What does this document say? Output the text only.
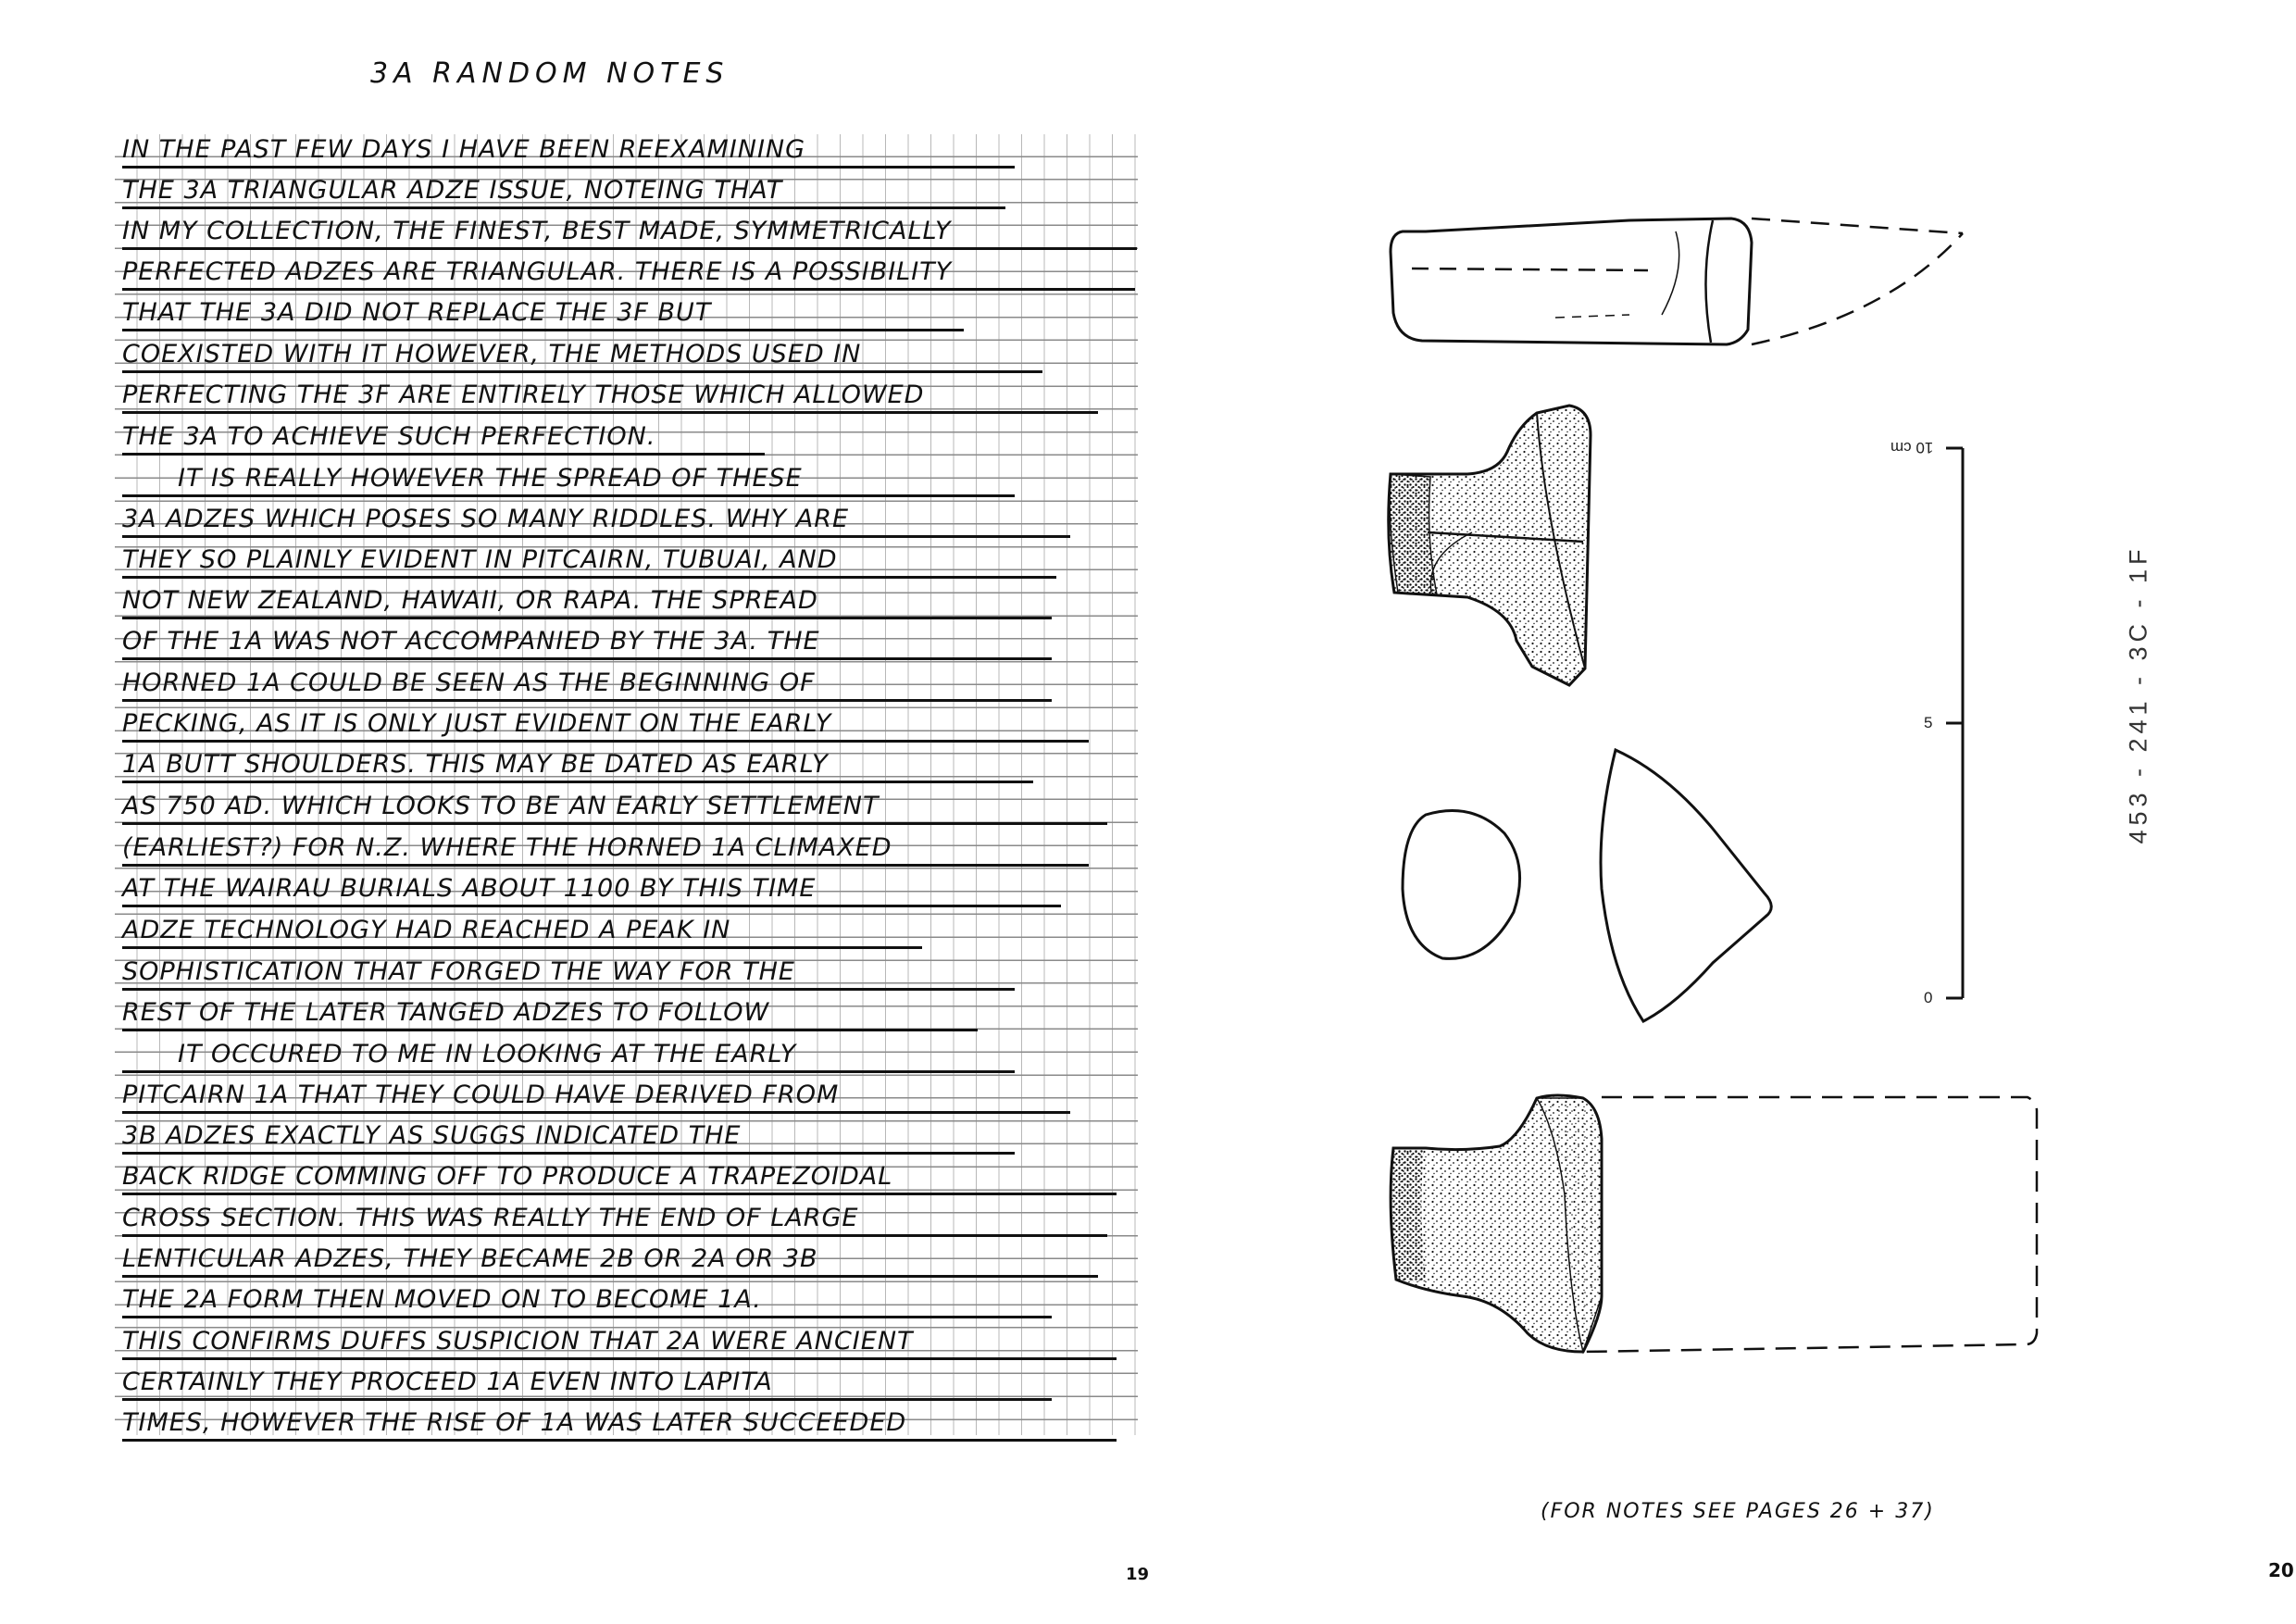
3A RANDOM NOTES
IN THE PAST FEW DAYS I HAVE BEEN REEXAMINING
THE 3A TRIANGULAR ADZE ISSUE, NOTEING THAT
IN MY COLLECTION, THE FINEST, BEST MADE, SYMMETRICALLY
PERFECTED ADZES ARE TRIANGULAR. THERE IS A POSSIBILITY
THAT THE 3A DID NOT REPLACE THE 3F BUT
COEXISTED WITH IT HOWEVER, THE METHODS USED IN
PERFECTING THE 3F ARE ENTIRELY THOSE WHICH ALLOWED
THE 3A TO ACHIEVE SUCH PERFECTION.
IT IS REALLY HOWEVER THE SPREAD OF THESE
3A ADZES WHICH POSES SO MANY RIDDLES. WHY ARE
THEY SO PLAINLY EVIDENT IN PITCAIRN, TUBUAI, AND
NOT NEW ZEALAND, HAWAII, OR RAPA. THE SPREAD
OF THE 1A WAS NOT ACCOMPANIED BY THE 3A. THE
HORNED 1A COULD BE SEEN AS THE BEGINNING OF
PECKING, AS IT IS ONLY JUST EVIDENT ON THE EARLY
1A BUTT SHOULDERS. THIS MAY BE DATED AS EARLY
AS 750 AD. WHICH LOOKS TO BE AN EARLY SETTLEMENT
(EARLIEST?) FOR N.Z. WHERE THE HORNED 1A CLIMAXED
AT THE WAIRAU BURIALS ABOUT 1100 BY THIS TIME
ADZE TECHNOLOGY HAD REACHED A PEAK IN
SOPHISTICATION THAT FORGED THE WAY FOR THE
REST OF THE LATER TANGED ADZES TO FOLLOW
IT OCCURED TO ME IN LOOKING AT THE EARLY
PITCAIRN 1A THAT THEY COULD HAVE DERIVED FROM
3B ADZES EXACTLY AS SUGGS INDICATED THE
BACK RIDGE COMMING OFF TO PRODUCE A TRAPEZOIDAL
CROSS SECTION. THIS WAS REALLY THE END OF LARGE
LENTICULAR ADZES, THEY BECAME 2B OR 2A OR 3B
THE 2A FORM THEN MOVED ON TO BECOME 1A.
THIS CONFIRMS DUFFS SUSPICION THAT 2A WERE ANCIENT
CERTAINLY THEY PROCEED 1A EVEN INTO LAPITA
TIMES, HOWEVER THE RISE OF 1A WAS LATER SUCCEEDED
19
10 cm
5
0
453 - 241 - 3C - 1F
(FOR NOTES SEE PAGES 26 + 37)
20
